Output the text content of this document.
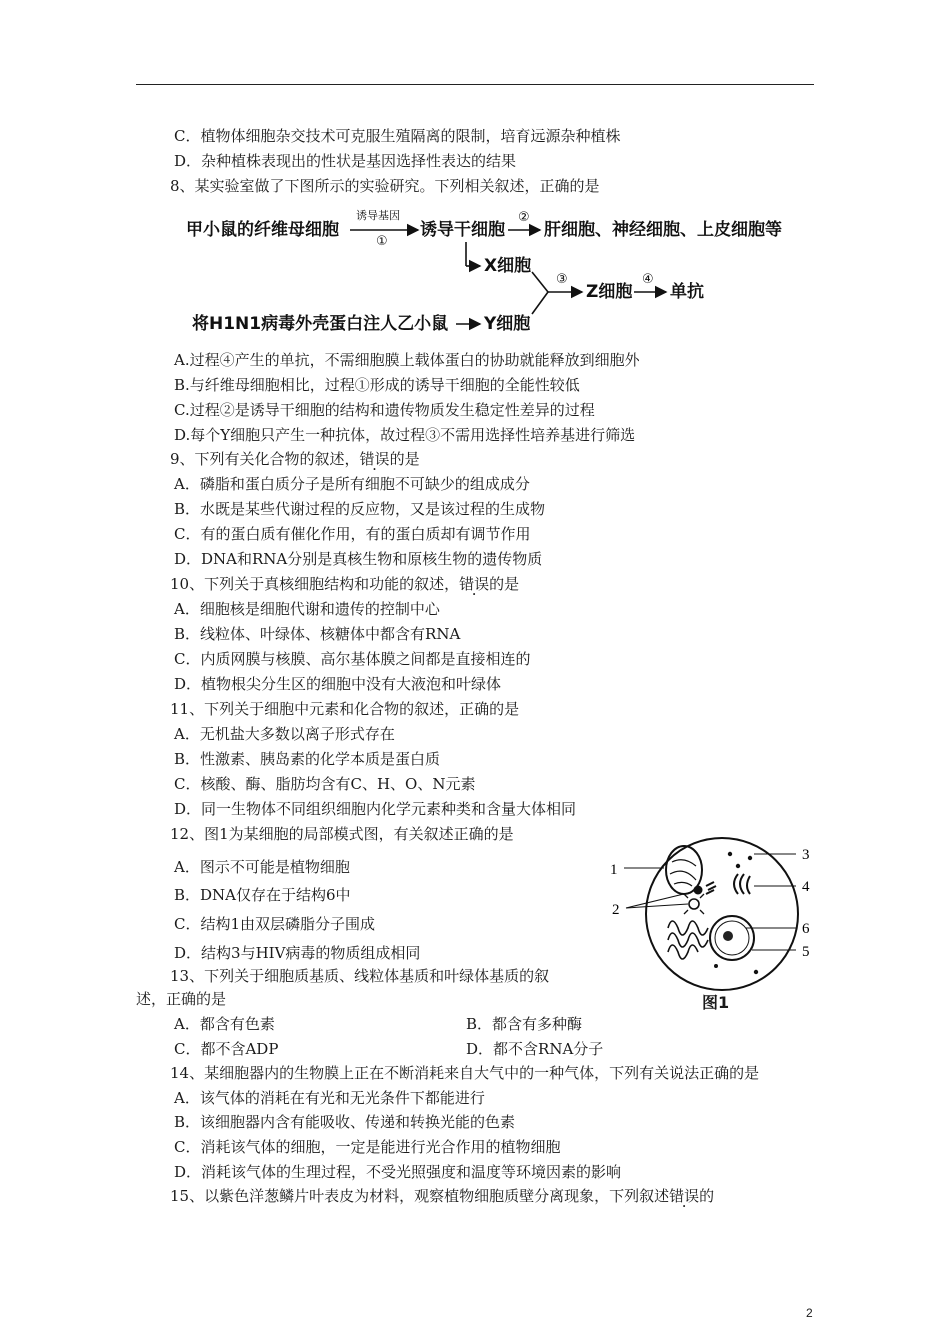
C．植物体细胞杂交技术可克服生殖隔离的限制，培育远源杂种植株
D．杂种植株表现出的性状是基因选择性表达的结果
8、某实验室做了下图所示的实验研究。下列相关叙述，正确的是
甲小鼠的纤维母细胞
诱导基因
①
诱导干细胞
②
肝细胞、神经细胞、上皮细胞等
X细胞
③
Z细胞
④
单抗
将H1N1病毒外壳蛋白注人乙小鼠 Y细胞
A.过程④产生的单抗，不需细胞膜上载体蛋白的协助就能释放到细胞外
B.与纤维母细胞相比，过程①形成的诱导干细胞的全能性较低
C.过程②是诱导干细胞的结构和遗传物质发生稳定性差异的过程
D.每个Y细胞只产生一种抗体，故过程③不需用选择性培养基进行筛选
9、下列有关化合物的叙述，错误的是
A．磷脂和蛋白质分子是所有细胞不可缺少的组成成分
B．水既是某些代谢过程的反应物，又是该过程的生成物
C．有的蛋白质有催化作用，有的蛋白质却有调节作用
D．DNA和RNA分别是真核生物和原核生物的遗传物质
10、下列关于真核细胞结构和功能的叙述，错误的是
A．细胞核是细胞代谢和遗传的控制中心
B．线粒体、叶绿体、核糖体中都含有RNA
C．内质网膜与核膜、高尔基体膜之间都是直接相连的
D．植物根尖分生区的细胞中没有大液泡和叶绿体
11、下列关于细胞中元素和化合物的叙述，正确的是
A．无机盐大多数以离子形式存在
B．性激素、胰岛素的化学本质是蛋白质
C．核酸、酶、脂肪均含有C、H、O、N元素
D．同一生物体不同组织细胞内化学元素种类和含量大体相同
12、图1为某细胞的局部模式图，有关叙述正确的是
A．图示不可能是植物细胞
B．DNA仅存在于结构6中
C．结构1由双层磷脂分子围成
D．结构3与HIV病毒的物质组成相同
1
2
3
4
5
6
图1
13、下列关于细胞质基质、线粒体基质和叶绿体基质的叙
述，正确的是
A．都含有色素	B．都含有多种酶
C．都不含ADP	D．都不含RNA分子
14、某细胞器内的生物膜上正在不断消耗来自大气中的一种气体，下列有关说法正确的是
A．该气体的消耗在有光和无光条件下都能进行
B．该细胞器内含有能吸收、传递和转换光能的色素
C．消耗该气体的细胞，一定是能进行光合作用的植物细胞
D．消耗该气体的生理过程，不受光照强度和温度等环境因素的影响
15、以紫色洋葱鳞片叶表皮为材料，观察植物细胞质壁分离现象，下列叙述错误的
2
